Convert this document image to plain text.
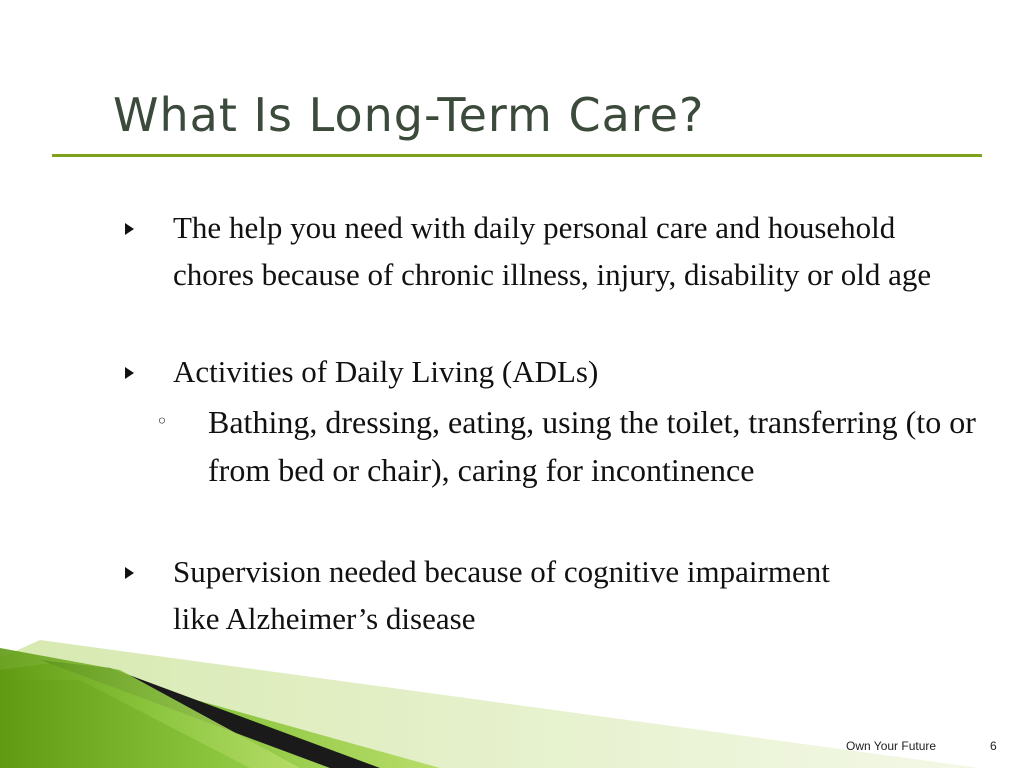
What Is Long-Term Care?
The help you need with daily personal care and household chores because of chronic illness, injury, disability or old age
Activities of Daily Living (ADLs)
◦ Bathing, dressing, eating, using the toilet, transferring (to or from bed or chair), caring for incontinence
Supervision needed because of cognitive impairment like Alzheimer’s disease
Own Your Future	6
